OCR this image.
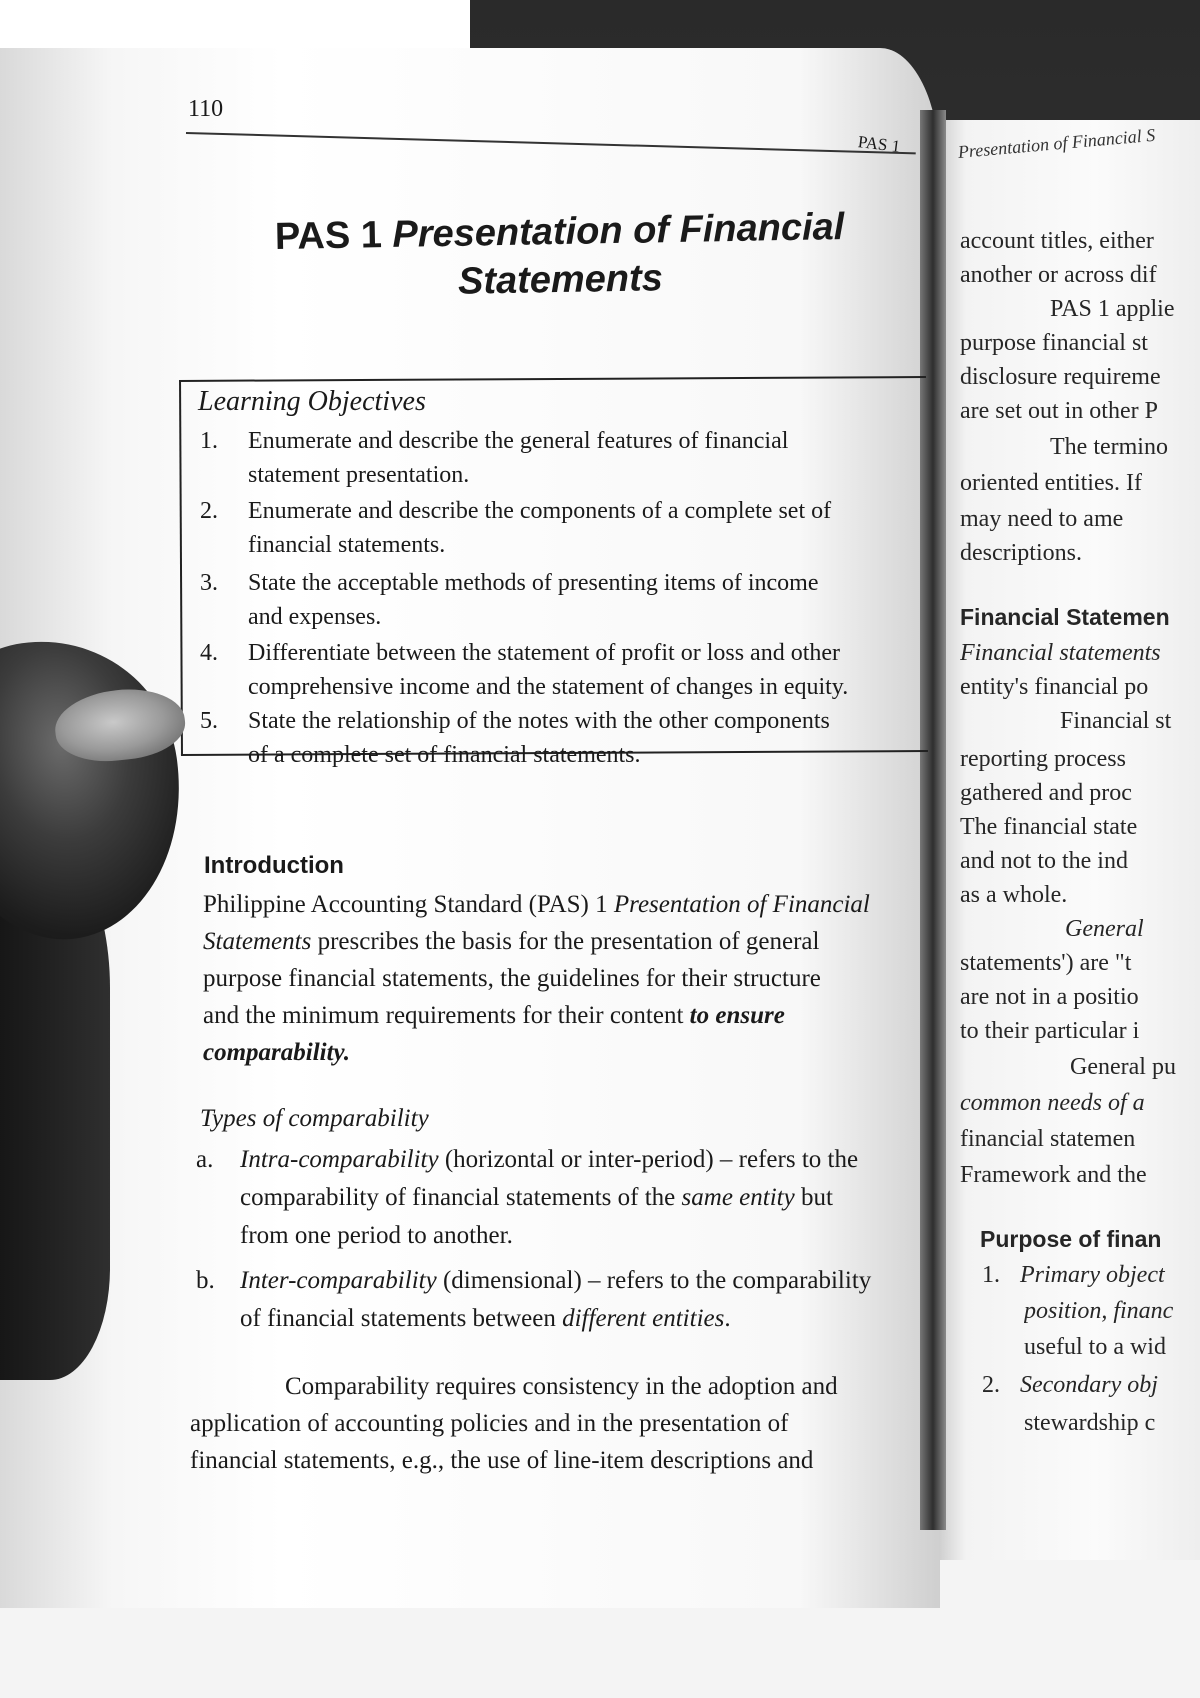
110
PAS 1
PAS 1 Presentation of Financial
Statements
Learning Objectives
1. Enumerate and describe the general features of financial
statement presentation.
2. Enumerate and describe the components of a complete set of
financial statements.
3. State the acceptable methods of presenting items of income
and expenses.
4. Differentiate between the statement of profit or loss and other
comprehensive income and the statement of changes in equity.
5. State the relationship of the notes with the other components
of a complete set of financial statements.
Introduction
Philippine Accounting Standard (PAS) 1 Presentation of Financial
Statements prescribes the basis for the presentation of general
purpose financial statements, the guidelines for their structure
and the minimum requirements for their content to ensure
comparability.
Types of comparability
a. Intra-comparability (horizontal or inter-period) – refers to the
comparability of financial statements of the same entity but
from one period to another.
b. Inter-comparability (dimensional) – refers to the comparability
of financial statements between different entities.
Comparability requires consistency in the adoption and
application of accounting policies and in the presentation of
financial statements, e.g., the use of line-item descriptions and
Presentation of Financial S
account titles, either
another or across dif
PAS 1 applie
purpose financial st
disclosure requireme
are set out in other P
The termino
oriented entities. If
may need to ame
descriptions.
Financial Statemen
Financial statements
entity's financial po
Financial st
reporting process
gathered and proc
The financial state
and not to the ind
as a whole.
General
statements') are "t
are not in a positio
to their particular i
General pu
common needs of a
financial statemen
Framework and the
Purpose of finan
1. Primary object
position, financ
useful to a wid
2. Secondary obj
stewardship c
